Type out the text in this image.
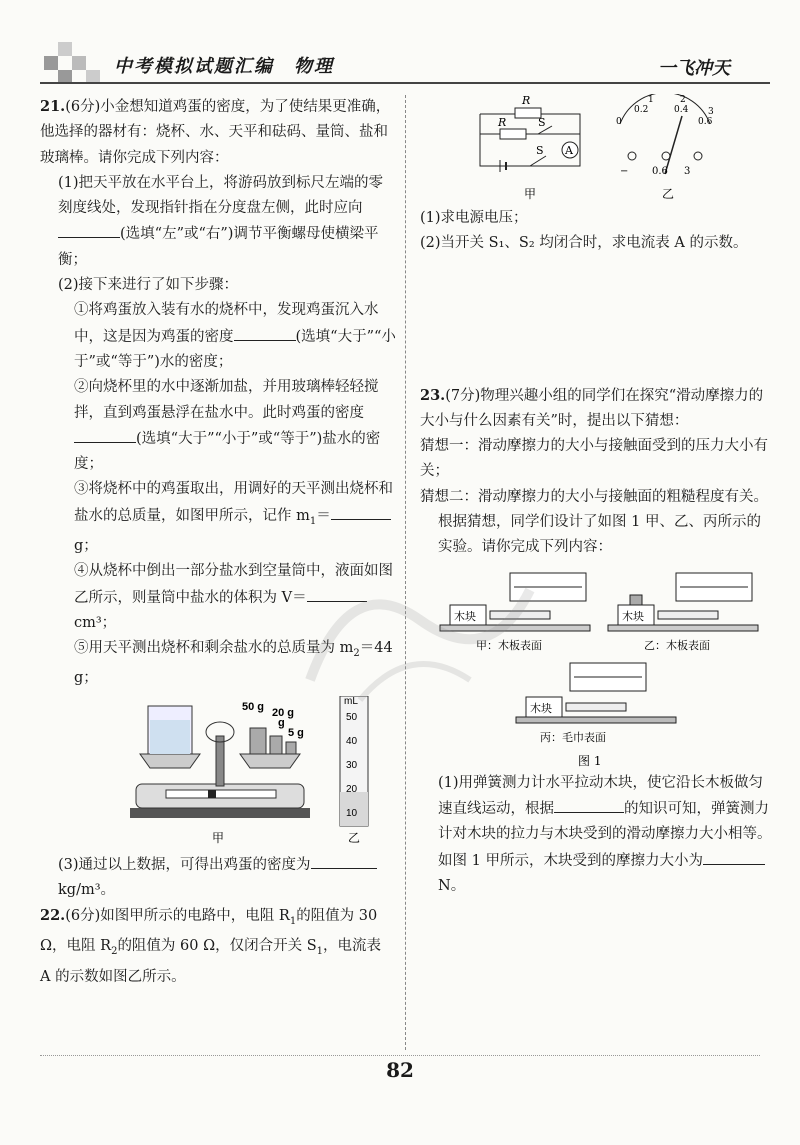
中考模拟试题汇编　物理	一飞冲天

21.(6分)小金想知道鸡蛋的密度，为了使结果更准确，他选择的器材有：烧杯、水、天平和砝码、量筒、盐和玻璃棒。请你完成下列内容：

(1)把天平放在水平台上，将游码放到标尺左端的零刻度线处，发现指针指在分度盘左侧，此时应向(选填“左”或“右”)调节平衡螺母使横梁平衡；

(2)接下来进行了如下步骤：

①将鸡蛋放入装有水的烧杯中，发现鸡蛋沉入水中，这是因为鸡蛋的密度	(选填“大于”“小于”或“等于”)水的密度；

②向烧杯里的水中逐渐加盐，并用玻璃棒轻轻搅拌，直到鸡蛋悬浮在盐水中。此时鸡蛋的密度(选填“大于”“小于”或“等于”)盐水的密度；

③将烧杯中的鸡蛋取出，用调好的天平测出烧杯和盐水的总质量，如图甲所示，记作 $m_1=g$；

④从烧杯中倒出一部分盐水到空量筒中，液面如图乙所示，则量筒中盐水的体积为 V＝cm³；

⑤用天平测出烧杯和剩余盐水的总质量为 $m_2=44$ g；

50 g 20 g
g
5 g
mL
50
40
30
20
10
甲	乙

(3)通过以上数据，可得出鸡蛋的密度为kg/m³。

22.(6分)如图甲所示的电路中，电阻 $R_1$的阻值为 30 Ω，电阻 $R_2$的阻值为 60 Ω，仅闭合开关 $S_1$，电流表 A 的示数如图乙所示。

R
R	S
S A
甲
0
0.2	0.4
0.6
1	2
3
− 0.6 3
乙

(1)求电源电压；

(2)当开关 S₁、S₂ 均闭合时，求电流表 A 的示数。

23.(7分)物理兴趣小组的同学们在探究“滑动摩擦力的大小与什么因素有关”时，提出以下猜想：

猜想一：滑动摩擦力的大小与接触面受到的压力大小有关；

猜想二：滑动摩擦力的大小与接触面的粗糙程度有关。

根据猜想，同学们设计了如图 1 甲、乙、丙所示的实验。请你完成下列内容：

木块
甲：木板表面
木块
乙：木板表面
木块
丙：毛巾表面
图 1

(1)用弹簧测力计水平拉动木块，使它沿长木板做匀速直线运动，根据	的知识可知，弹簧测力计对木块的拉力与木块受到的滑动摩擦力大小相等。如图 1 甲所示，木块受到的摩擦力大小为N。

82
